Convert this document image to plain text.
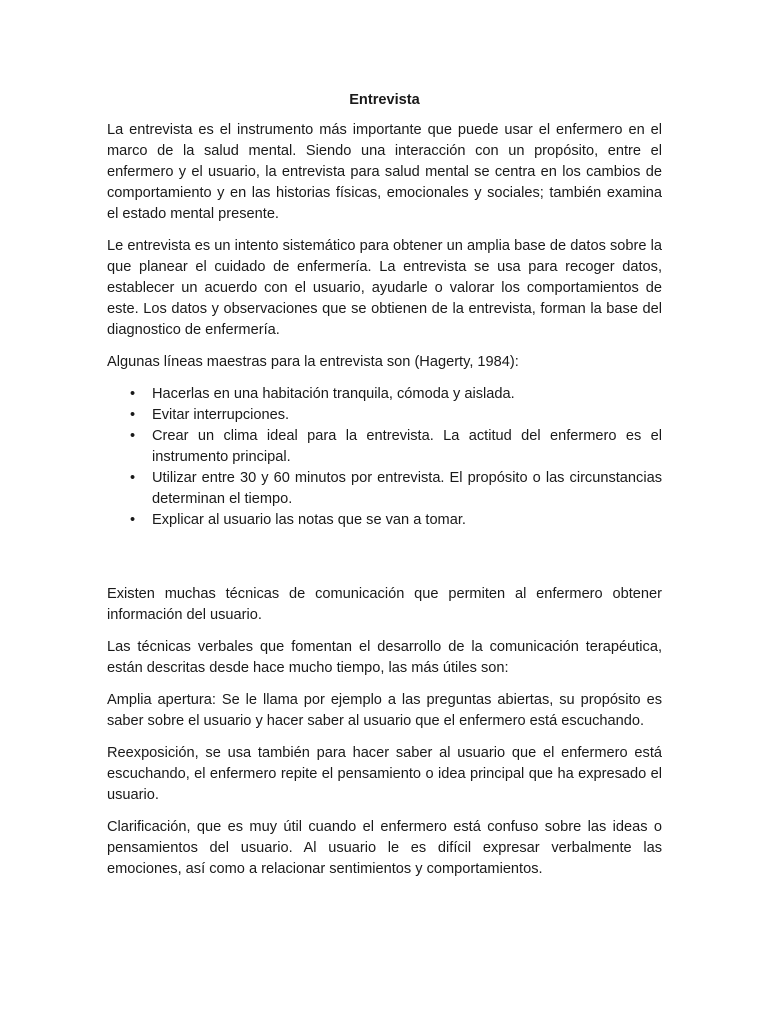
Entrevista

La entrevista es el instrumento más importante que puede usar el enfermero en el marco de la salud mental. Siendo una interacción con un propósito, entre el enfermero y el usuario, la entrevista para salud mental se centra en los cambios de comportamiento y en las historias físicas, emocionales y sociales; también examina el estado mental presente.

Le entrevista es un intento sistemático para obtener un amplia base de datos sobre la que planear el cuidado de enfermería. La entrevista se usa para recoger datos, establecer un acuerdo con el usuario, ayudarle o valorar los comportamientos de este. Los datos y observaciones que se obtienen de la entrevista, forman la base del diagnostico de enfermería.

Algunas líneas maestras para la entrevista son (Hagerty, 1984):

• Hacerlas en una habitación tranquila, cómoda y aislada.
• Evitar interrupciones.
• Crear un clima ideal para la entrevista. La actitud del enfermero es el instrumento principal.
• Utilizar entre 30 y 60 minutos por entrevista. El propósito o las circunstancias determinan el tiempo.
• Explicar al usuario las notas que se van a tomar.

Existen muchas técnicas de comunicación que permiten al enfermero obtener información del usuario.

Las técnicas verbales que fomentan el desarrollo de la comunicación terapéutica, están descritas desde hace mucho tiempo, las más útiles son:

Amplia apertura: Se le llama por ejemplo a las preguntas abiertas, su propósito es saber sobre el usuario y hacer saber al usuario que el enfermero está escuchando.

Reexposición, se usa también para hacer saber al usuario que el enfermero está escuchando, el enfermero repite el pensamiento o idea principal que ha expresado el usuario.

Clarificación, que es muy útil cuando el enfermero está confuso sobre las ideas o pensamientos del usuario. Al usuario le es difícil expresar verbalmente las emociones, así como a relacionar sentimientos y comportamientos.
